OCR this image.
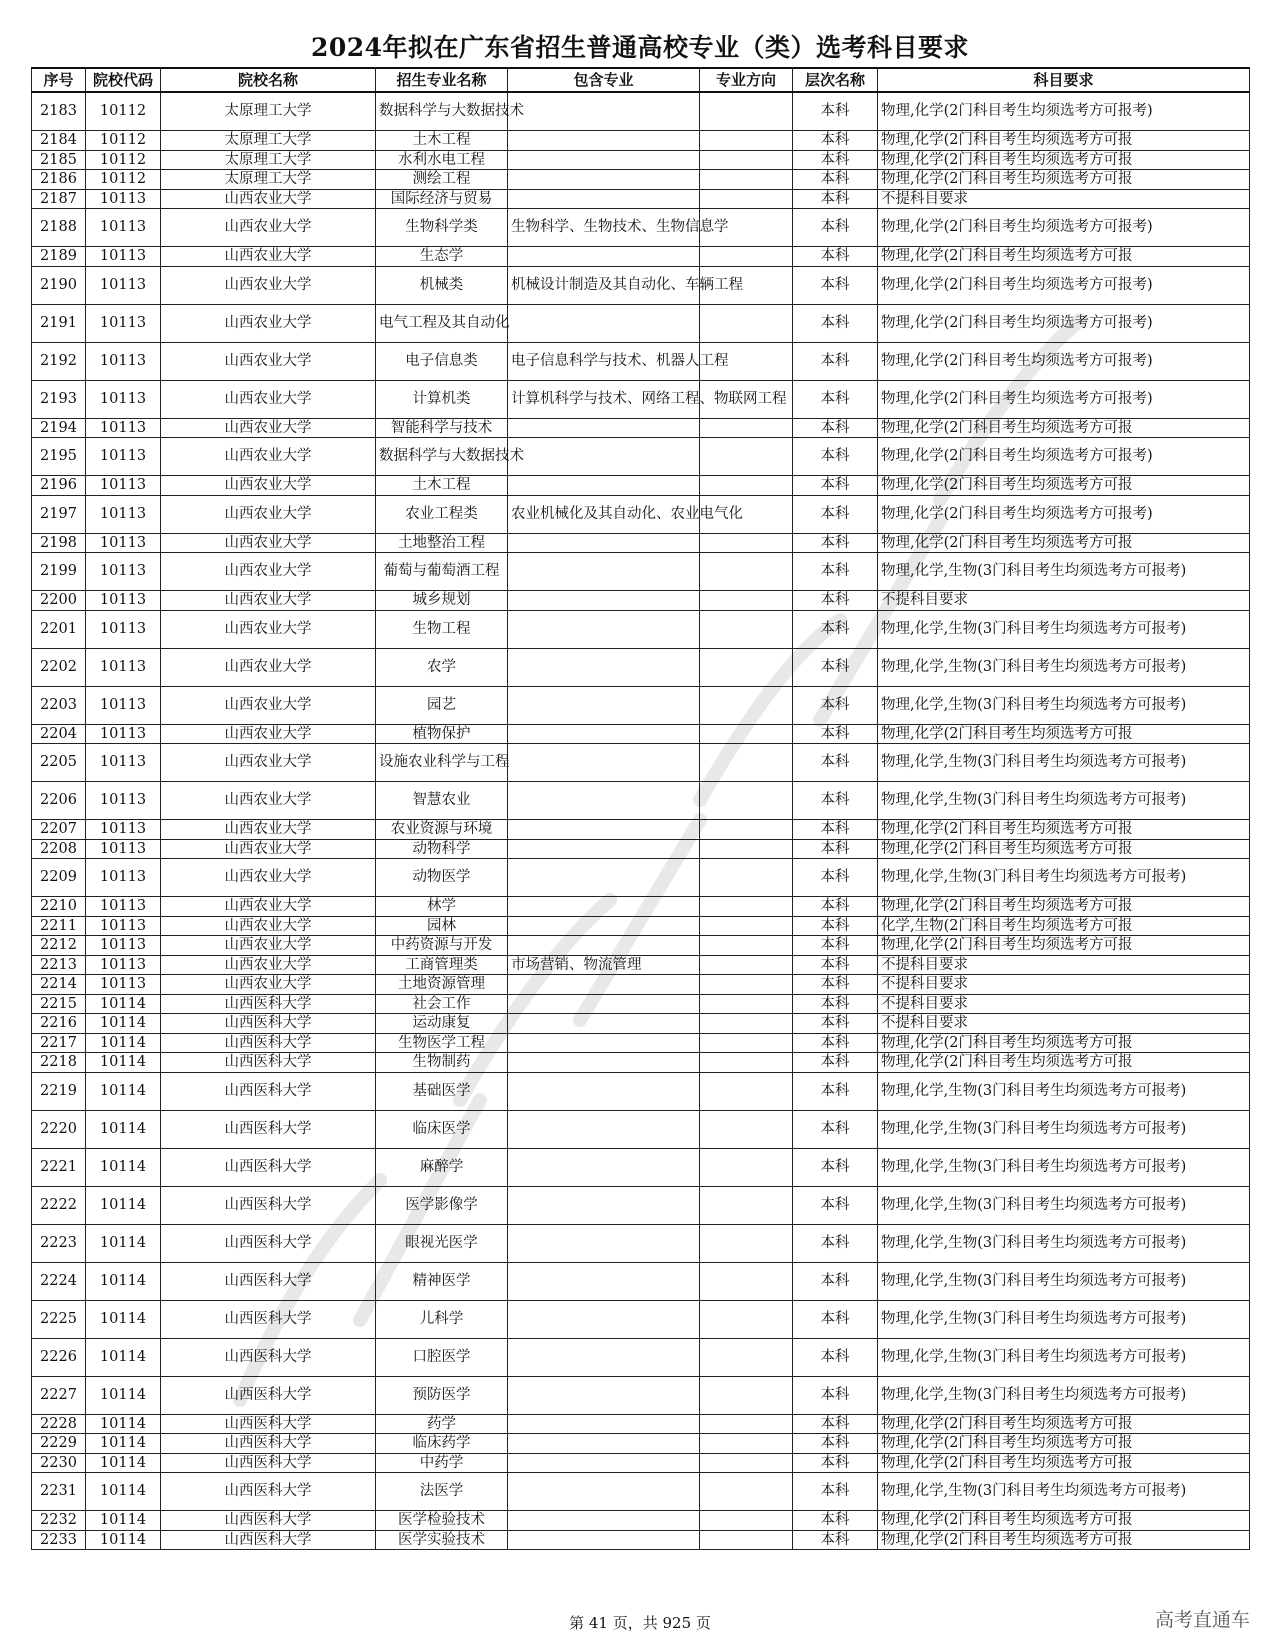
2024年拟在广东省招生普通高校专业（类）选考科目要求
序号	院校代码	院校名称	招生专业名称	包含专业	专业方向	层次名称	科目要求
2183	10112	太原理工大学	数据科学与大数据技术			本科	物理,化学(2门科目考生均须选考方可报考)
2184	10112	太原理工大学	土木工程			本科	物理,化学(2门科目考生均须选考方可报
2185	10112	太原理工大学	水利水电工程			本科	物理,化学(2门科目考生均须选考方可报
2186	10112	太原理工大学	测绘工程			本科	物理,化学(2门科目考生均须选考方可报
2187	10113	山西农业大学	国际经济与贸易			本科	不提科目要求
2188	10113	山西农业大学	生物科学类	生物科学、生物技术、生物信息学		本科	物理,化学(2门科目考生均须选考方可报考)
2189	10113	山西农业大学	生态学			本科	物理,化学(2门科目考生均须选考方可报
2190	10113	山西农业大学	机械类	机械设计制造及其自动化、车辆工程		本科	物理,化学(2门科目考生均须选考方可报考)
2191	10113	山西农业大学	电气工程及其自动化			本科	物理,化学(2门科目考生均须选考方可报考)
2192	10113	山西农业大学	电子信息类	电子信息科学与技术、机器人工程		本科	物理,化学(2门科目考生均须选考方可报考)
2193	10113	山西农业大学	计算机类	计算机科学与技术、网络工程、物联网工程		本科	物理,化学(2门科目考生均须选考方可报考)
2194	10113	山西农业大学	智能科学与技术			本科	物理,化学(2门科目考生均须选考方可报
2195	10113	山西农业大学	数据科学与大数据技术			本科	物理,化学(2门科目考生均须选考方可报考)
2196	10113	山西农业大学	土木工程			本科	物理,化学(2门科目考生均须选考方可报
2197	10113	山西农业大学	农业工程类	农业机械化及其自动化、农业电气化		本科	物理,化学(2门科目考生均须选考方可报考)
2198	10113	山西农业大学	土地整治工程			本科	物理,化学(2门科目考生均须选考方可报
2199	10113	山西农业大学	葡萄与葡萄酒工程			本科	物理,化学,生物(3门科目考生均须选考方可报考)
2200	10113	山西农业大学	城乡规划			本科	不提科目要求
2201	10113	山西农业大学	生物工程			本科	物理,化学,生物(3门科目考生均须选考方可报考)
2202	10113	山西农业大学	农学			本科	物理,化学,生物(3门科目考生均须选考方可报考)
2203	10113	山西农业大学	园艺			本科	物理,化学,生物(3门科目考生均须选考方可报考)
2204	10113	山西农业大学	植物保护			本科	物理,化学(2门科目考生均须选考方可报
2205	10113	山西农业大学	设施农业科学与工程			本科	物理,化学,生物(3门科目考生均须选考方可报考)
2206	10113	山西农业大学	智慧农业			本科	物理,化学,生物(3门科目考生均须选考方可报考)
2207	10113	山西农业大学	农业资源与环境			本科	物理,化学(2门科目考生均须选考方可报
2208	10113	山西农业大学	动物科学			本科	物理,化学(2门科目考生均须选考方可报
2209	10113	山西农业大学	动物医学			本科	物理,化学,生物(3门科目考生均须选考方可报考)
2210	10113	山西农业大学	林学			本科	物理,化学(2门科目考生均须选考方可报
2211	10113	山西农业大学	园林			本科	化学,生物(2门科目考生均须选考方可报
2212	10113	山西农业大学	中药资源与开发			本科	物理,化学(2门科目考生均须选考方可报
2213	10113	山西农业大学	工商管理类	市场营销、物流管理		本科	不提科目要求
2214	10113	山西农业大学	土地资源管理			本科	不提科目要求
2215	10114	山西医科大学	社会工作			本科	不提科目要求
2216	10114	山西医科大学	运动康复			本科	不提科目要求
2217	10114	山西医科大学	生物医学工程			本科	物理,化学(2门科目考生均须选考方可报
2218	10114	山西医科大学	生物制药			本科	物理,化学(2门科目考生均须选考方可报
2219	10114	山西医科大学	基础医学			本科	物理,化学,生物(3门科目考生均须选考方可报考)
2220	10114	山西医科大学	临床医学			本科	物理,化学,生物(3门科目考生均须选考方可报考)
2221	10114	山西医科大学	麻醉学			本科	物理,化学,生物(3门科目考生均须选考方可报考)
2222	10114	山西医科大学	医学影像学			本科	物理,化学,生物(3门科目考生均须选考方可报考)
2223	10114	山西医科大学	眼视光医学			本科	物理,化学,生物(3门科目考生均须选考方可报考)
2224	10114	山西医科大学	精神医学			本科	物理,化学,生物(3门科目考生均须选考方可报考)
2225	10114	山西医科大学	儿科学			本科	物理,化学,生物(3门科目考生均须选考方可报考)
2226	10114	山西医科大学	口腔医学			本科	物理,化学,生物(3门科目考生均须选考方可报考)
2227	10114	山西医科大学	预防医学			本科	物理,化学,生物(3门科目考生均须选考方可报考)
2228	10114	山西医科大学	药学			本科	物理,化学(2门科目考生均须选考方可报
2229	10114	山西医科大学	临床药学			本科	物理,化学(2门科目考生均须选考方可报
2230	10114	山西医科大学	中药学			本科	物理,化学(2门科目考生均须选考方可报
2231	10114	山西医科大学	法医学			本科	物理,化学,生物(3门科目考生均须选考方可报考)
2232	10114	山西医科大学	医学检验技术			本科	物理,化学(2门科目考生均须选考方可报
2233	10114	山西医科大学	医学实验技术			本科	物理,化学(2门科目考生均须选考方可报
第 41 页，共 925 页	高考直通车
